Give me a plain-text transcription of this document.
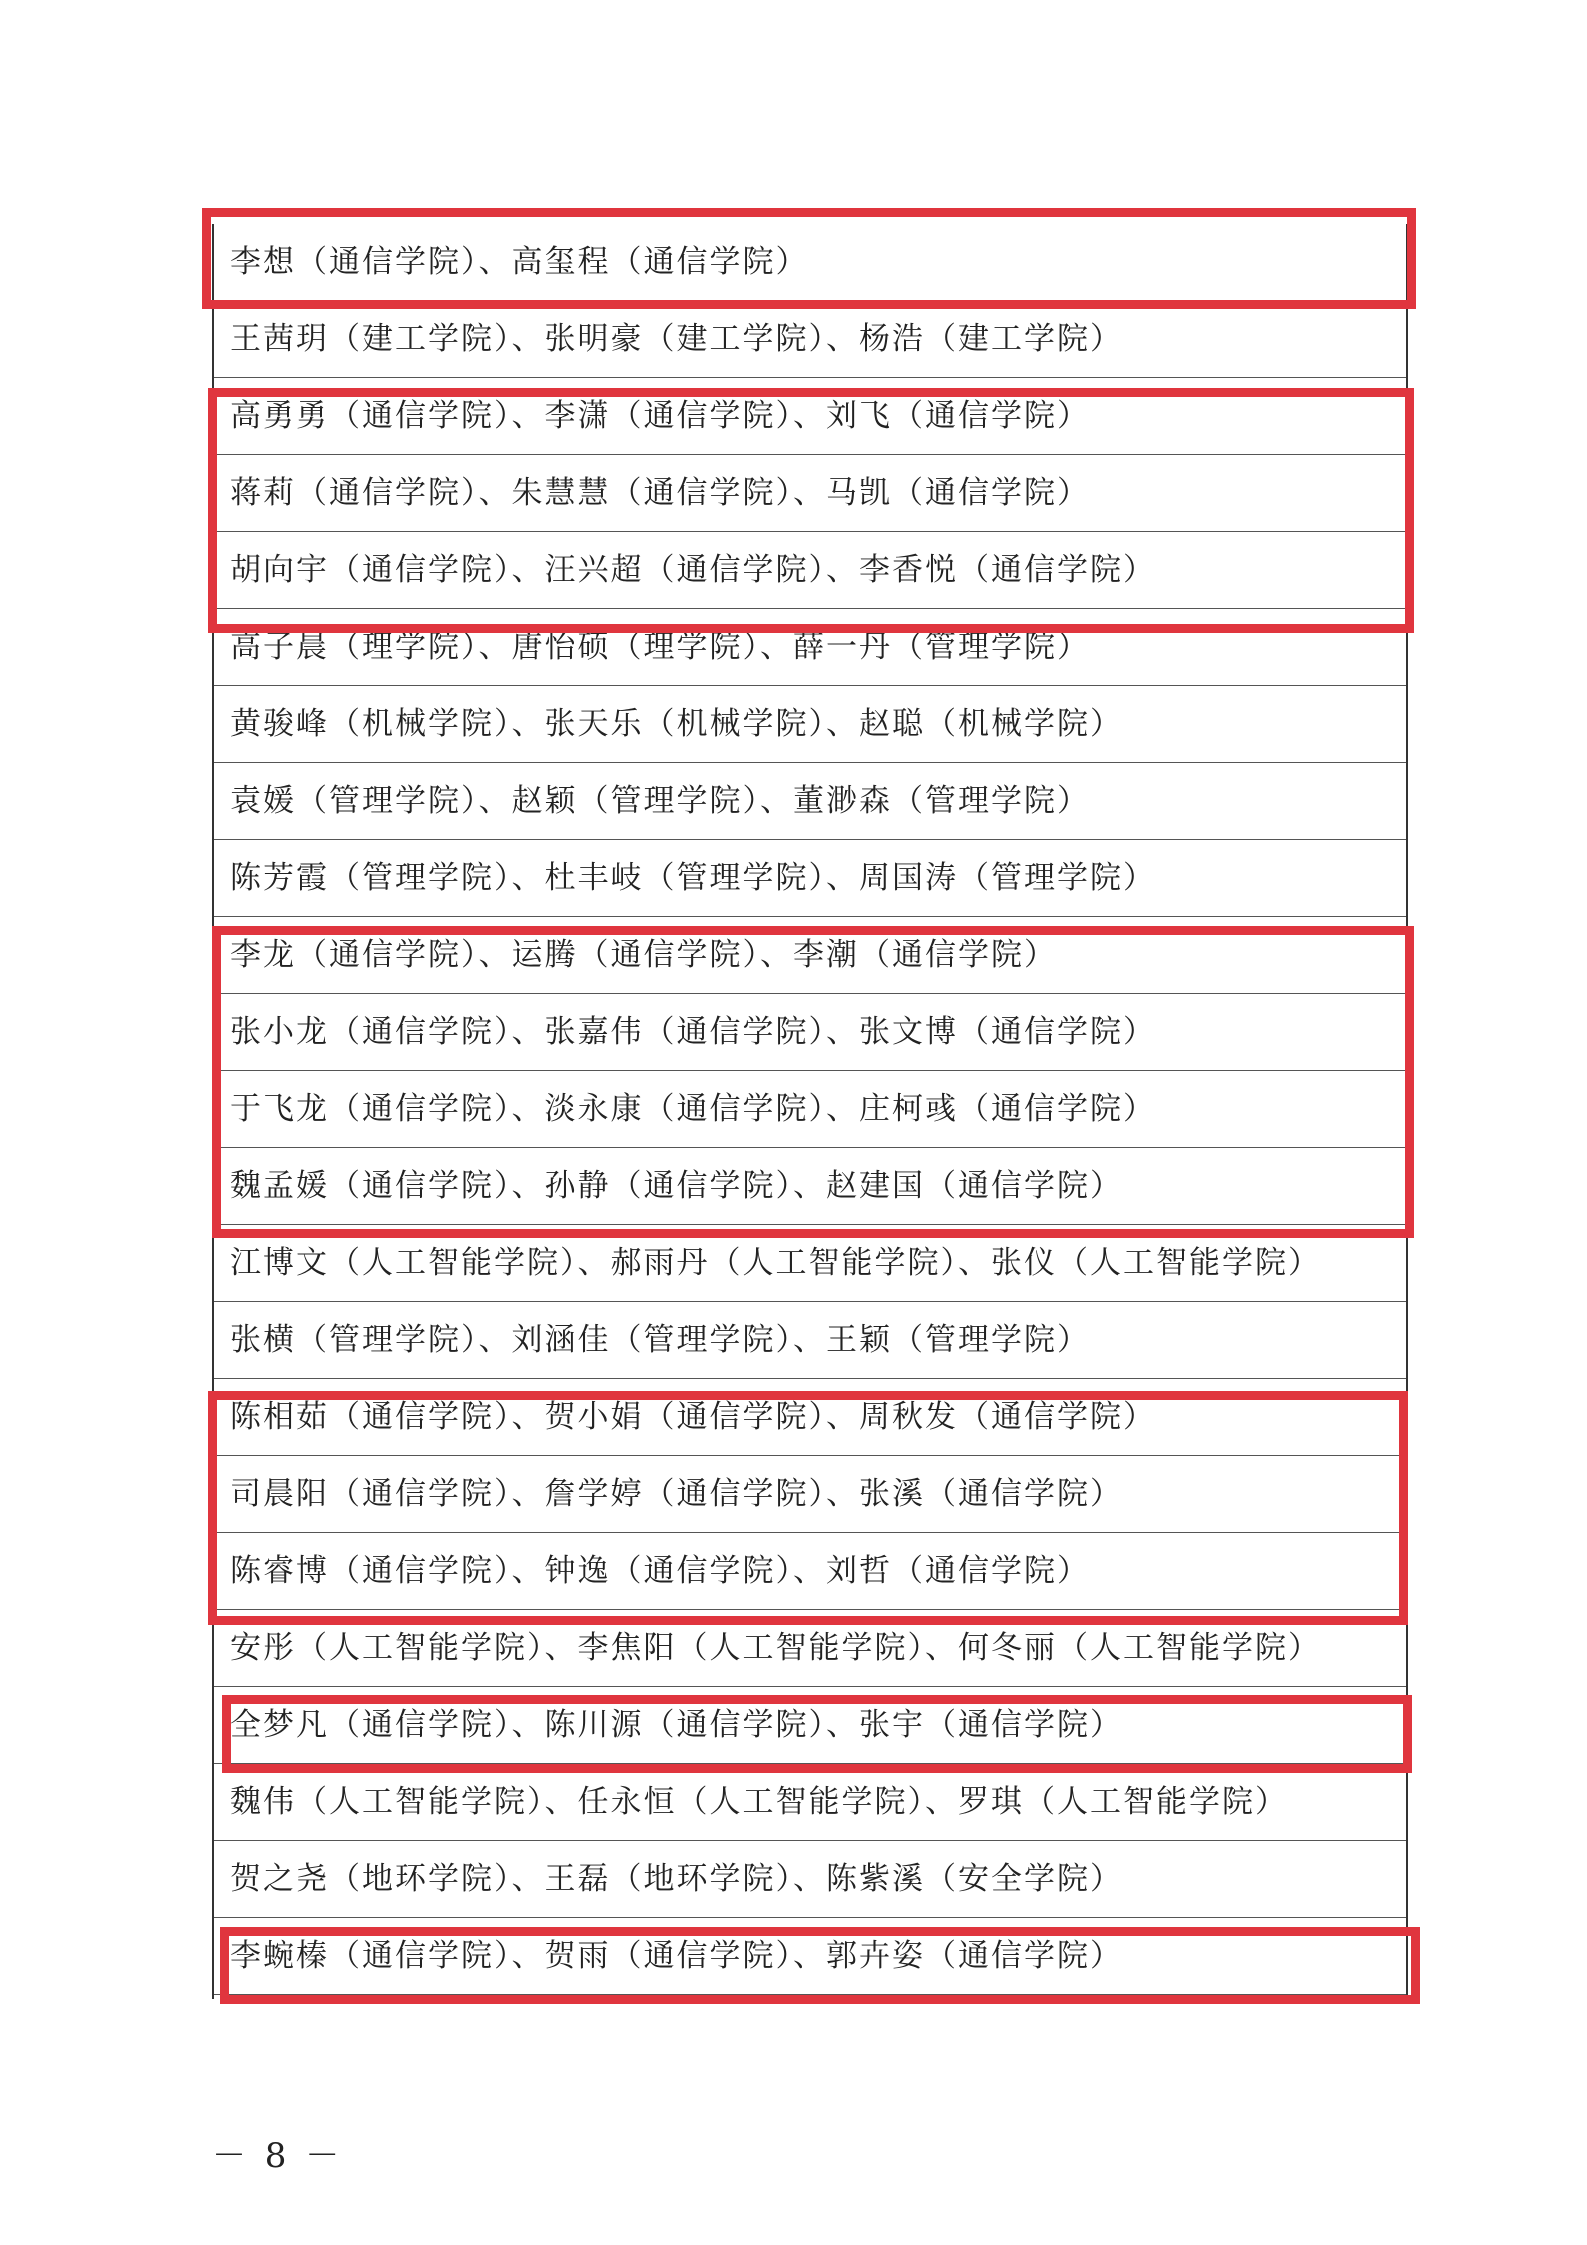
李想（通信学院）、高玺程（通信学院）
王茜玥（建工学院）、张明豪（建工学院）、杨浩（建工学院）
高勇勇（通信学院）、李潇（通信学院）、刘飞（通信学院）
蒋莉（通信学院）、朱慧慧（通信学院）、马凯（通信学院）
胡向宇（通信学院）、汪兴超（通信学院）、李香悦（通信学院）
高子晨（理学院）、唐怡硕（理学院）、薛一丹（管理学院）
黄骏峰（机械学院）、张天乐（机械学院）、赵聪（机械学院）
袁媛（管理学院）、赵颖（管理学院）、董渺森（管理学院）
陈芳霞（管理学院）、杜丰岐（管理学院）、周国涛（管理学院）
李龙（通信学院）、运腾（通信学院）、李潮（通信学院）
张小龙（通信学院）、张嘉伟（通信学院）、张文博（通信学院）
于飞龙（通信学院）、淡永康（通信学院）、庄柯彧（通信学院）
魏孟媛（通信学院）、孙静（通信学院）、赵建国（通信学院）
江博文（人工智能学院）、郝雨丹（人工智能学院）、张仪（人工智能学院）
张横（管理学院）、刘涵佳（管理学院）、王颖（管理学院）
陈相茹（通信学院）、贺小娟（通信学院）、周秋发（通信学院）
司晨阳（通信学院）、詹学婷（通信学院）、张溪（通信学院）
陈睿博（通信学院）、钟逸（通信学院）、刘哲（通信学院）
安彤（人工智能学院）、李焦阳（人工智能学院）、何冬丽（人工智能学院）
全梦凡（通信学院）、陈川源（通信学院）、张宇（通信学院）
魏伟（人工智能学院）、任永恒（人工智能学院）、罗琪（人工智能学院）
贺之尧（地环学院）、王磊（地环学院）、陈紫溪（安全学院）
李蜿榛（通信学院）、贺雨（通信学院）、郭卉姿（通信学院）
－ 8 －
